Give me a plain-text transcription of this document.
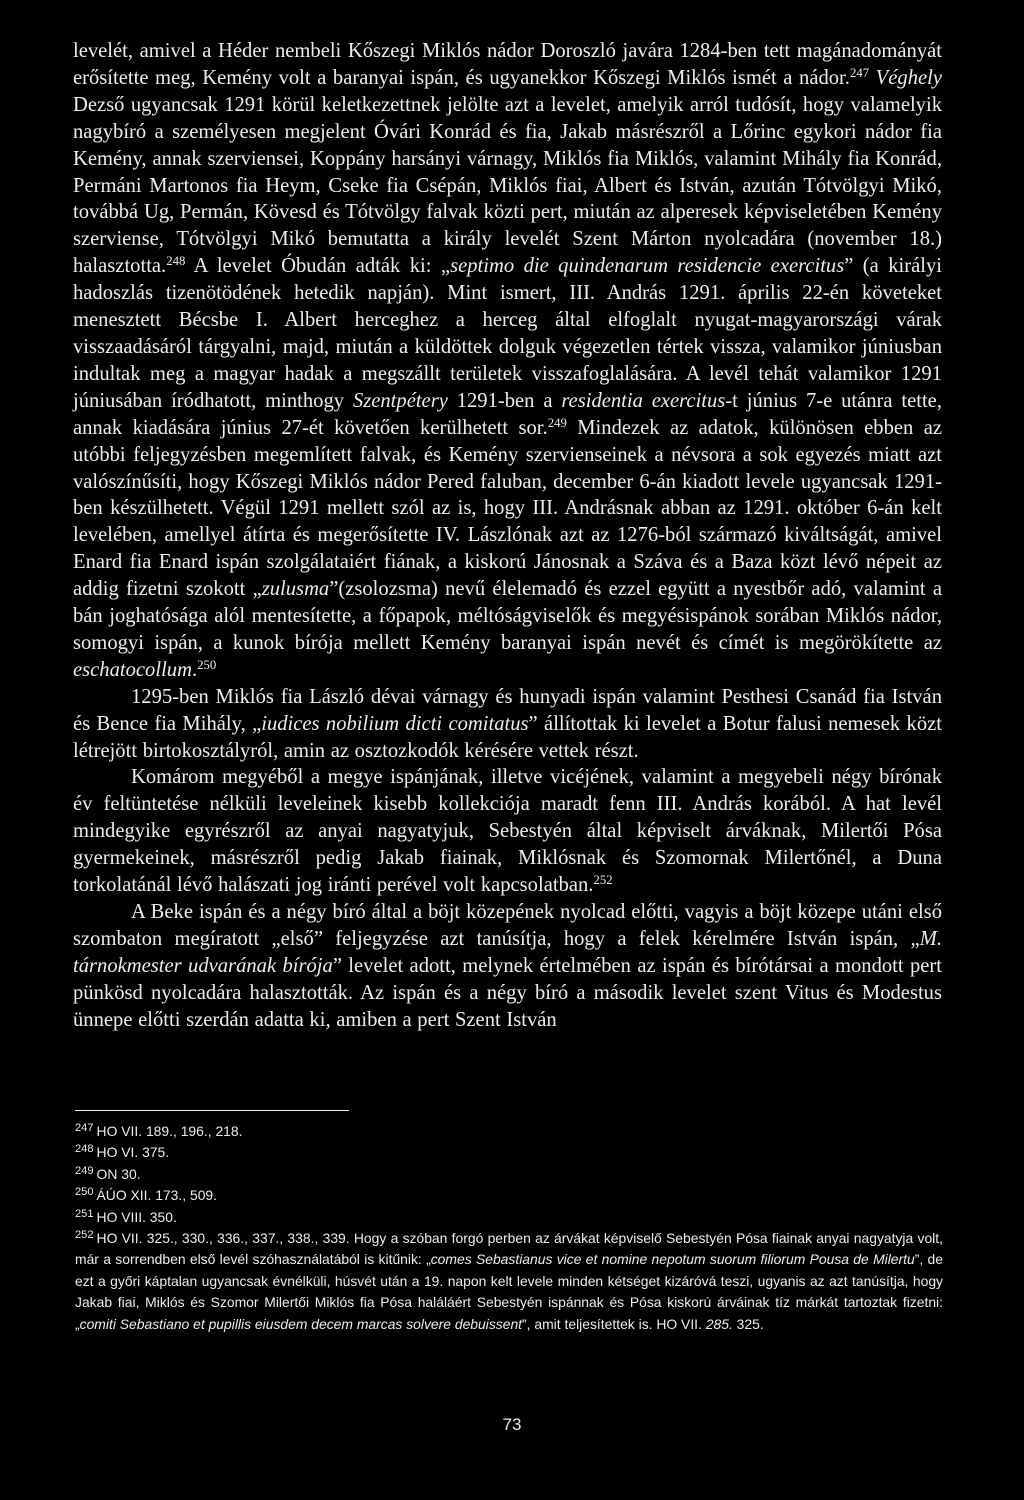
levelét, amivel a Héder nembeli Kőszegi Miklós nádor Doroszló javára 1284-ben tett magánadományát erősítette meg, Kemény volt a baranyai ispán, és ugyanekkor Kőszegi Miklós ismét a nádor.$^{247}$ Véghely Dezső ugyancsak 1291 körül keletkezettnek jelölte azt a levelet, amelyik arról tudósít, hogy valamelyik nagybíró a személyesen megjelent Óvári Konrád és fia, Jakab másrészről a Lőrinc egykori nádor fia Kemény, annak szerviensei, Koppány harsányi várnagy, Miklós fia Miklós, valamint Mihály fia Konrád, Permáni Martonos fia Heym, Cseke fia Csépán, Miklós fiai, Albert és István, azután Tótvölgyi Mikó, továbbá Ug, Permán, Kövesd és Tótvölgy falvak közti pert, miután az alperesek képviseletében Kemény szerviense, Tótvölgyi Mikó bemutatta a király levelét Szent Márton nyolcadára (november 18.) halasztotta.$^{248}$ A levelet Óbudán adták ki: „septimo die quindenarum residencie exercitus” (a királyi hadoszlás tizenötödének hetedik napján). Mint ismert, III. András 1291. április 22-én követeket menesztett Bécsbe I. Albert herceghez a herceg által elfoglalt nyugat-magyarországi várak visszaadásáról tárgyalni, majd, miután a küldöttek dolguk végezetlen tértek vissza, valamikor júniusban indultak meg a magyar hadak a megszállt területek visszafoglalására. A levél tehát valamikor 1291 júniusában íródhatott, minthogy Szentpétery 1291-ben a residentia exercitus-t június 7-e utánra tette, annak kiadására június 27-ét követően kerülhetett sor.$^{249}$ Mindezek az adatok, különösen ebben az utóbbi feljegyzésben megemlített falvak, és Kemény szervienseinek a névsora a sok egyezés miatt azt valószínűsíti, hogy Kőszegi Miklós nádor Pered faluban, december 6-án kiadott levele ugyancsak 1291-ben készülhetett. Végül 1291 mellett szól az is, hogy III. Andrásnak abban az 1291. október 6-án kelt levelében, amellyel átírta és megerősítette IV. Lászlónak azt az 1276-ból származó kiváltságát, amivel Enard fia Enard ispán szolgálataiért fiának, a kiskorú Jánosnak a Száva és a Baza közt lévő népeit az addig fizetni szokott „zulusma”(zsolozsma) nevű élelemadó és ezzel együtt a nyestbőr adó, valamint a bán joghatósága alól mentesítette, a főpapok, méltóságviselők és megyésispánok sorában Miklós nádor, somogyi ispán, a kunok bírója mellett Kemény baranyai ispán nevét és címét is megörökítette az eschatocollum.$^{250}$

1295-ben Miklós fia László dévai várnagy és hunyadi ispán valamint Pesthesi Csanád fia István és Bence fia Mihály, „iudices nobilium dicti comitatus” állítottak ki levelet a Botur falusi nemesek közt létrejött birtokosztályról, amin az osztozkodók kérésére vettek részt.

Komárom megyéből a megye ispánjának, illetve vicéjének, valamint a megyebeli négy bírónak év feltüntetése nélküli leveleinek kisebb kollekciója maradt fenn III. András korából. A hat levél mindegyike egyrészről az anyai nagyatyjuk, Sebestyén által képviselt árváknak, Milertői Pósa gyermekeinek, másrészről pedig Jakab fiainak, Miklósnak és Szomornak Milertőnél, a Duna torkolatánál lévő halászati jog iránti perével volt kapcsolatban.$^{252}$

A Beke ispán és a négy bíró által a böjt közepének nyolcad előtti, vagyis a böjt közepe utáni első szombaton megíratott „első” feljegyzése azt tanúsítja, hogy a felek kérelmére István ispán, „M. tárnokmester udvarának bírója” levelet adott, melynek értelmében az ispán és bírótársai a mondott pert pünkösd nyolcadára halasztották. Az ispán és a négy bíró a második levelet szent Vitus és Modestus ünnepe előtti szerdán adatta ki, amiben a pert Szent István

$^{247}$ HO VII. 189., 196., 218.

$^{248}$ HO VI. 375.

$^{249}$ ON 30.

$^{250}$ ÁÚO XII. 173., 509.

$^{251}$ HO VIII. 350.

$^{252}$ HO VII. 325., 330., 336., 337., 338., 339. Hogy a szóban forgó perben az árvákat képviselő Sebestyén Pósa fiainak anyai nagyatyja volt, már a sorrendben első levél szóhasználatából is kitűnik: „comes Sebastianus vice et nomine nepotum suorum filiorum Pousa de Milertu”, de ezt a győri káptalan ugyancsak évnélküli, húsvét után a 19. napon kelt levele minden kétséget kizáróvá teszi, ugyanis az azt tanúsítja, hogy Jakab fiai, Miklós és Szomor Milertői Miklós fia Pósa haláláért Sebestyén ispánnak és Pósa kiskorú árváinak tíz márkát tartoztak fizetni: „comiti Sebastiano et pupillis eiusdem decem marcas solvere debuissent”, amit teljesítettek is. HO VII. 285. 325.

73
